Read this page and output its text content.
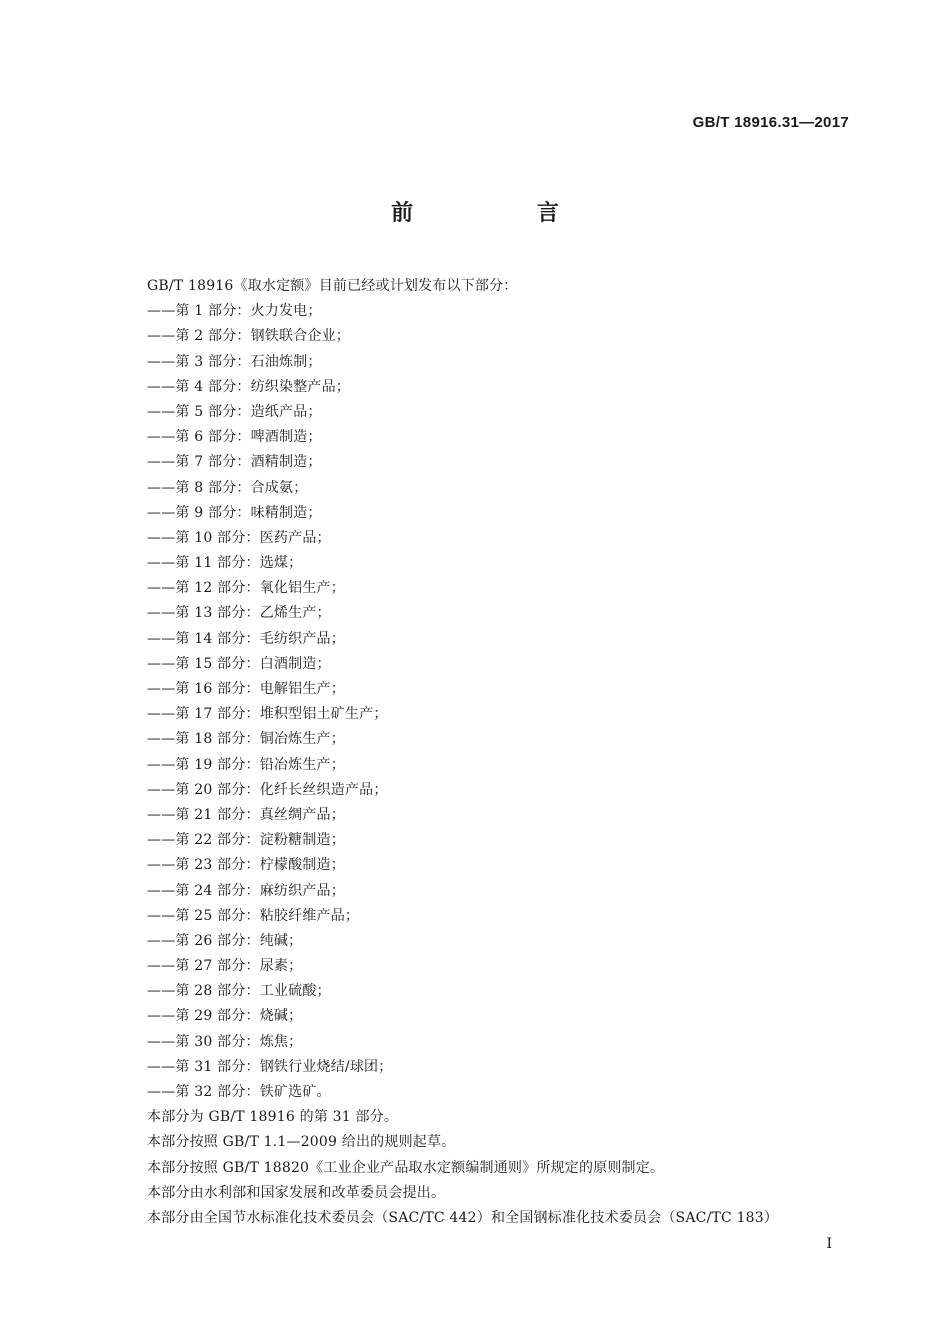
GB/T 18916.31—2017
前 言
GB/T 18916《取水定额》目前已经或计划发布以下部分：
——第 1 部分：火力发电；
——第 2 部分：钢铁联合企业；
——第 3 部分：石油炼制；
——第 4 部分：纺织染整产品；
——第 5 部分：造纸产品；
——第 6 部分：啤酒制造；
——第 7 部分：酒精制造；
——第 8 部分：合成氨；
——第 9 部分：味精制造；
——第 10 部分：医药产品；
——第 11 部分：选煤；
——第 12 部分：氧化铝生产；
——第 13 部分：乙烯生产；
——第 14 部分：毛纺织产品；
——第 15 部分：白酒制造；
——第 16 部分：电解铝生产；
——第 17 部分：堆积型铝土矿生产；
——第 18 部分：铜冶炼生产；
——第 19 部分：铅冶炼生产；
——第 20 部分：化纤长丝织造产品；
——第 21 部分：真丝绸产品；
——第 22 部分：淀粉糖制造；
——第 23 部分：柠檬酸制造；
——第 24 部分：麻纺织产品；
——第 25 部分：粘胶纤维产品；
——第 26 部分：纯碱；
——第 27 部分：尿素；
——第 28 部分：工业硫酸；
——第 29 部分：烧碱；
——第 30 部分：炼焦；
——第 31 部分：钢铁行业烧结/球团；
——第 32 部分：铁矿选矿。
本部分为 GB/T 18916 的第 31 部分。
本部分按照 GB/T 1.1—2009 给出的规则起草。
本部分按照 GB/T 18820《工业企业产品取水定额编制通则》所规定的原则制定。
本部分由水利部和国家发展和改革委员会提出。
本部分由全国节水标准化技术委员会（SAC/TC 442）和全国钢标准化技术委员会（SAC/TC 183）
I
